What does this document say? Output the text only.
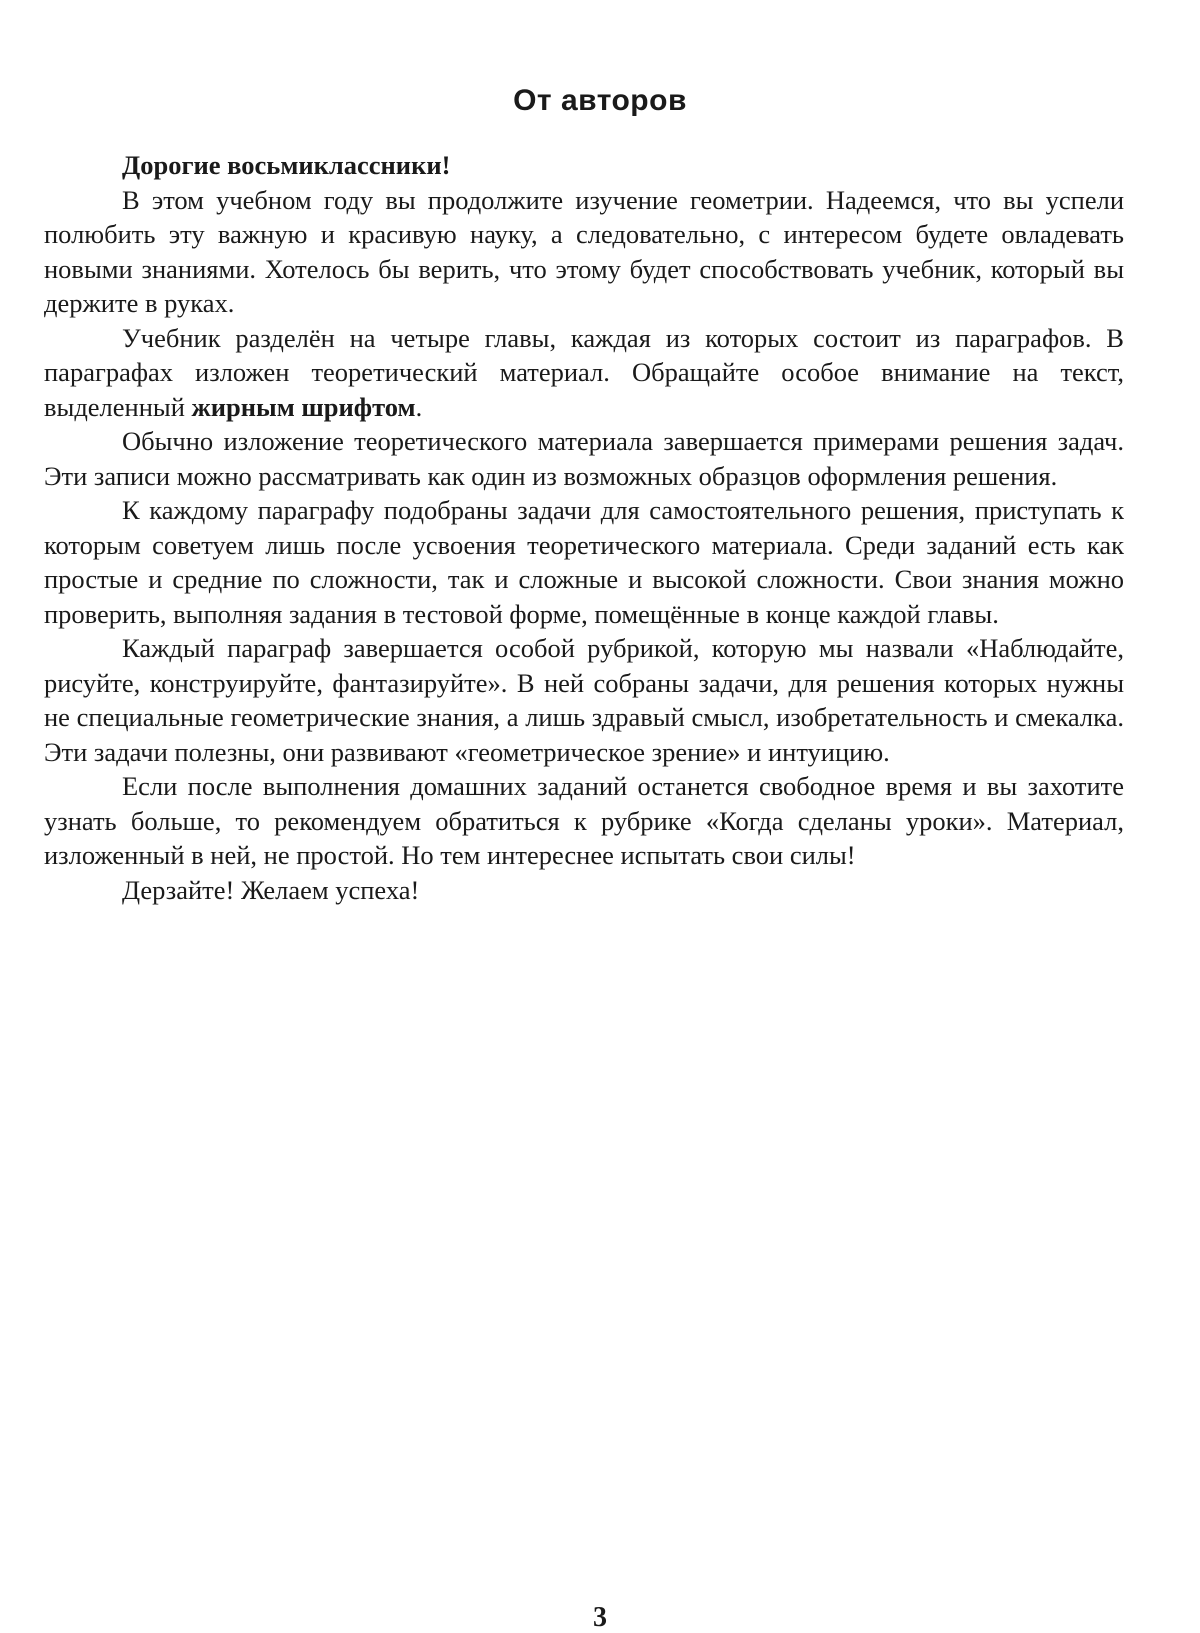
От авторов

Дорогие восьмиклассники!

В этом учебном году вы продолжите изучение геометрии. Надеемся, что вы успели полюбить эту важную и красивую науку, а следовательно, с интересом будете овладевать новыми знаниями. Хотелось бы верить, что этому будет способствовать учебник, который вы держите в руках.

Учебник разделён на четыре главы, каждая из которых состоит из параграфов. В параграфах изложен теоретический материал. Обращайте особое внимание на текст, выделенный жирным шрифтом.

Обычно изложение теоретического материала завершается примерами решения задач. Эти записи можно рассматривать как один из возможных образцов оформления решения.

К каждому параграфу подобраны задачи для самостоятельного решения, приступать к которым советуем лишь после усвоения теоретического материала. Среди заданий есть как простые и средние по сложности, так и сложные и высокой сложности. Свои знания можно проверить, выполняя задания в тестовой форме, помещённые в конце каждой главы.

Каждый параграф завершается особой рубрикой, которую мы назвали «Наблюдайте, рисуйте, конструируйте, фантазируйте». В ней собраны задачи, для решения которых нужны не специальные геометрические знания, а лишь здравый смысл, изобретательность и смекалка. Эти задачи полезны, они развивают «геометрическое зрение» и интуицию.

Если после выполнения домашних заданий останется свободное время и вы захотите узнать больше, то рекомендуем обратиться к рубрике «Когда сделаны уроки». Материал, изложенный в ней, не простой. Но тем интереснее испытать свои силы!

Дерзайте! Желаем успеха!

3
